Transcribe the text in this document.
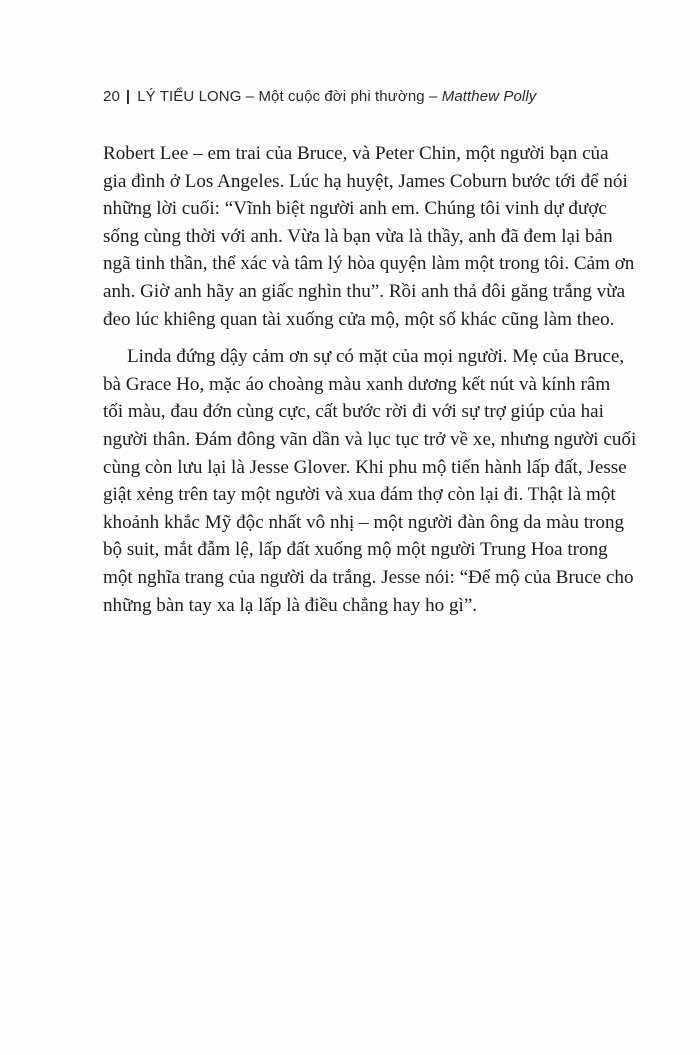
20 | LÝ TIỂU LONG – Một cuộc đời phi thường – Matthew Polly
Robert Lee – em trai của Bruce, và Peter Chin, một người bạn của
gia đình ở Los Angeles. Lúc hạ huyệt, James Coburn bước tới để nói
những lời cuối: “Vĩnh biệt người anh em. Chúng tôi vinh dự được
sống cùng thời với anh. Vừa là bạn vừa là thầy, anh đã đem lại bản
ngã tinh thần, thể xác và tâm lý hòa quyện làm một trong tôi. Cảm ơn
anh. Giờ anh hãy an giấc nghìn thu”. Rồi anh thả đôi găng trắng vừa
đeo lúc khiêng quan tài xuống cửa mộ, một số khác cũng làm theo.
Linda đứng dậy cảm ơn sự có mặt của mọi người. Mẹ của Bruce,
bà Grace Ho, mặc áo choàng màu xanh dương kết nút và kính râm
tối màu, đau đớn cùng cực, cất bước rời đi với sự trợ giúp của hai
người thân. Đám đông vãn dần và lục tục trở về xe, nhưng người cuối
cùng còn lưu lại là Jesse Glover. Khi phu mộ tiến hành lấp đất, Jesse
giật xẻng trên tay một người và xua đám thợ còn lại đi. Thật là một
khoảnh khắc Mỹ độc nhất vô nhị – một người đàn ông da màu trong
bộ suit, mắt đẫm lệ, lấp đất xuống mộ một người Trung Hoa trong
một nghĩa trang của người da trắng. Jesse nói: “Để mộ của Bruce cho
những bàn tay xa lạ lấp là điều chẳng hay ho gì”.
